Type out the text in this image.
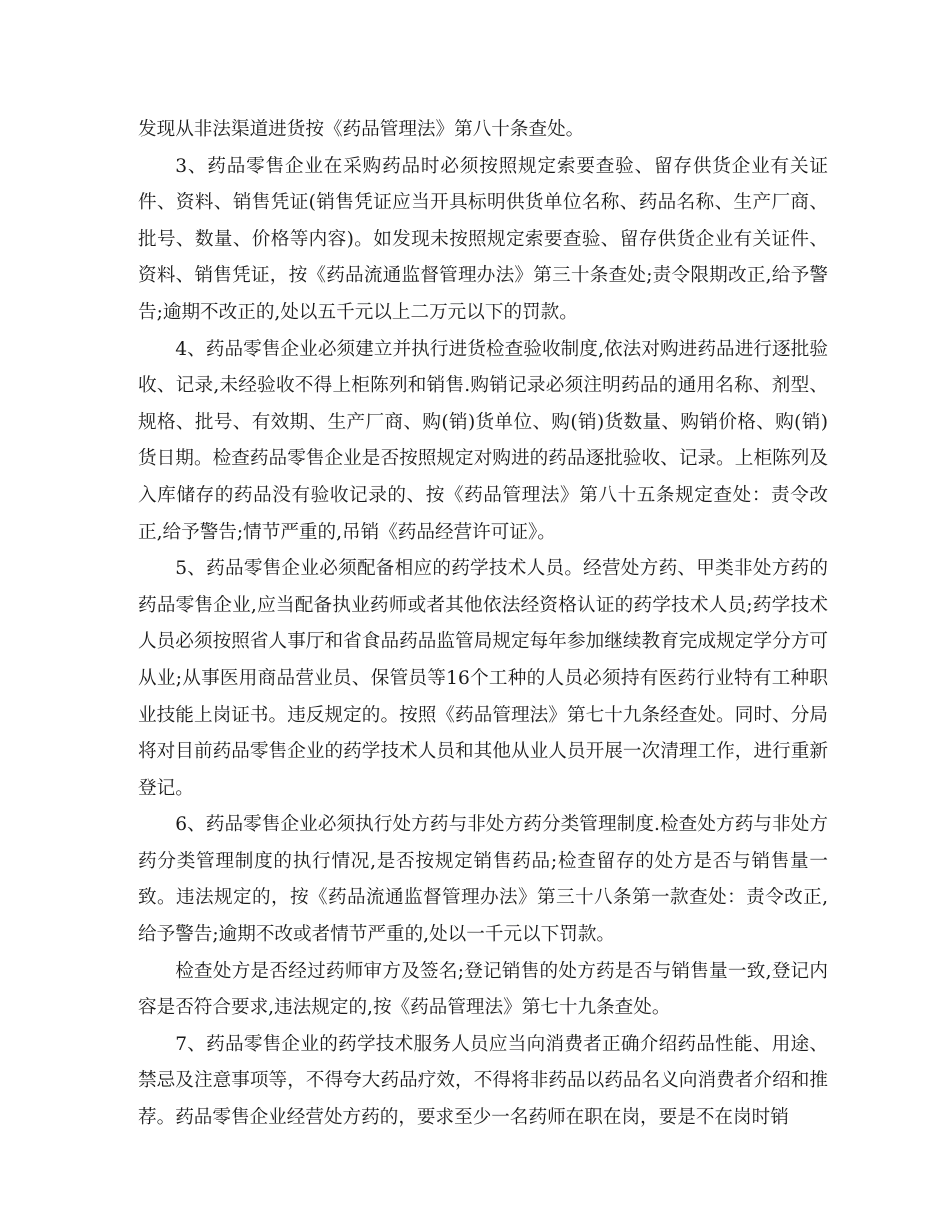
发现从非法渠道进货按《药品管理法》第八十条查处。

3、药品零售企业在采购药品时必须按照规定索要查验、留存供货企业有关证件、资料、销售凭证(销售凭证应当开具标明供货单位名称、药品名称、生产厂商、批号、数量、价格等内容)。如发现未按照规定索要查验、留存供货企业有关证件、资料、销售凭证，按《药品流通监督管理办法》第三十条查处;责令限期改正,给予警告;逾期不改正的,处以五千元以上二万元以下的罚款。

4、药品零售企业必须建立并执行进货检查验收制度,依法对购进药品进行逐批验收、记录,未经验收不得上柜陈列和销售.购销记录必须注明药品的通用名称、剂型、规格、批号、有效期、生产厂商、购(销)货单位、购(销)货数量、购销价格、购(销)货日期。检查药品零售企业是否按照规定对购进的药品逐批验收、记录。上柜陈列及入库储存的药品没有验收记录的、按《药品管理法》第八十五条规定查处：责令改正,给予警告;情节严重的,吊销《药品经营许可证》。

5、药品零售企业必须配备相应的药学技术人员。经营处方药、甲类非处方药的药品零售企业,应当配备执业药师或者其他依法经资格认证的药学技术人员;药学技术人员必须按照省人事厅和省食品药品监管局规定每年参加继续教育完成规定学分方可从业;从事医用商品营业员、保管员等16个工种的人员必须持有医药行业特有工种职业技能上岗证书。违反规定的。按照《药品管理法》第七十九条经查处。同时、分局将对目前药品零售企业的药学技术人员和其他从业人员开展一次清理工作，进行重新登记。

6、药品零售企业必须执行处方药与非处方药分类管理制度.检查处方药与非处方药分类管理制度的执行情况,是否按规定销售药品;检查留存的处方是否与销售量一致。违法规定的，按《药品流通监督管理办法》第三十八条第一款查处：责令改正,给予警告;逾期不改或者情节严重的,处以一千元以下罚款。

检查处方是否经过药师审方及签名;登记销售的处方药是否与销售量一致,登记内容是否符合要求,违法规定的,按《药品管理法》第七十九条查处。

7、药品零售企业的药学技术服务人员应当向消费者正确介绍药品性能、用途、禁忌及注意事项等，不得夸大药品疗效，不得将非药品以药品名义向消费者介绍和推荐。药品零售企业经营处方药的，要求至少一名药师在职在岗，要是不在岗时销
